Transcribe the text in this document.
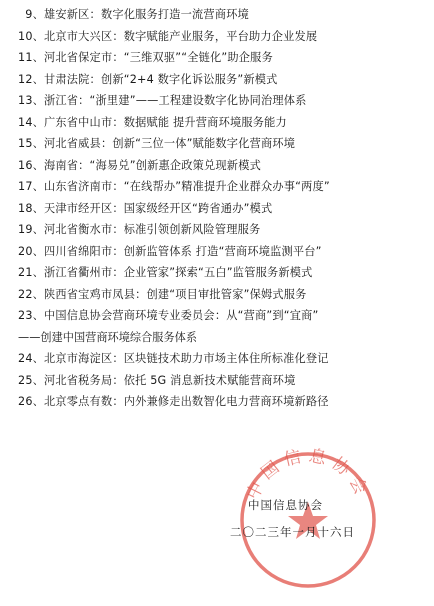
9、 雄安新区：数字化服务打造一流营商环境
10、 北京市大兴区：数字赋能产业服务，平台助力企业发展
11、 河北省保定市：“三维双驱”“全链化”助企服务
12、 甘肃法院：创新“2+4 数字化诉讼服务”新模式
13、 浙江省：“浙里建”——工程建设数字化协同治理体系
14、 广东省中山市：数据赋能 提升营商环境服务能力
15、 河北省威县：创新“三位一体”赋能数字化营商环境
16、 海南省：“海易兑”创新惠企政策兑现新模式
17、 山东省济南市：“在线帮办”精准提升企业群众办事“两度”
18、 天津市经开区：国家级经开区“跨省通办”模式
19、 河北省衡水市：标准引领创新风险管理服务
20、 四川省绵阳市：创新监管体系 打造“营商环境监测平台”
21、 浙江省衢州市：企业管家”探索“五白”监管服务新模式
22、 陕西省宝鸡市凤县：创建“项目审批管家”保姆式服务
23、 中国信息协会营商环境专业委员会：从“营商”到“宜商”
——创建中国营商环境综合服务体系
24、 北京市海淀区：区块链技术助力市场主体住所标准化登记
25、 河北省税务局：依托 5G 消息新技术赋能营商环境
26、 北京零点有数：内外兼修走出数智化电力营商环境新路径
中国信息协会
中国信息协会
二〇二三年一月十六日
